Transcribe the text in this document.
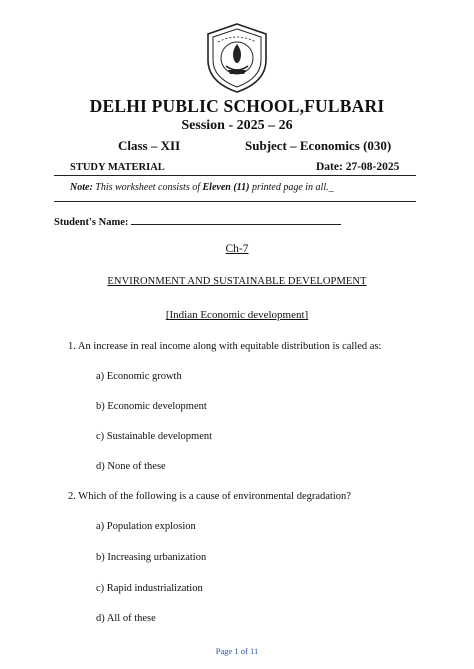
DELHI PUBLIC SCHOOL,FULBARI
Session - 2025 – 26
Class – XII	Subject – Economics (030)
STUDY MATERIAL	Date: 27-08-2025
Note: This worksheet consists of Eleven (11) printed page in all._
Student's Name:
Ch-7
ENVIRONMENT AND SUSTAINABLE DEVELOPMENT
[Indian Economic development]
1. An increase in real income along with equitable distribution is called as:
a) Economic growth
b) Economic development
c) Sustainable development
d) None of these
2. Which of the following is a cause of environmental degradation?
a) Population explosion
b) Increasing urbanization
c) Rapid industrialization
d) All of these
Page 1 of 11
